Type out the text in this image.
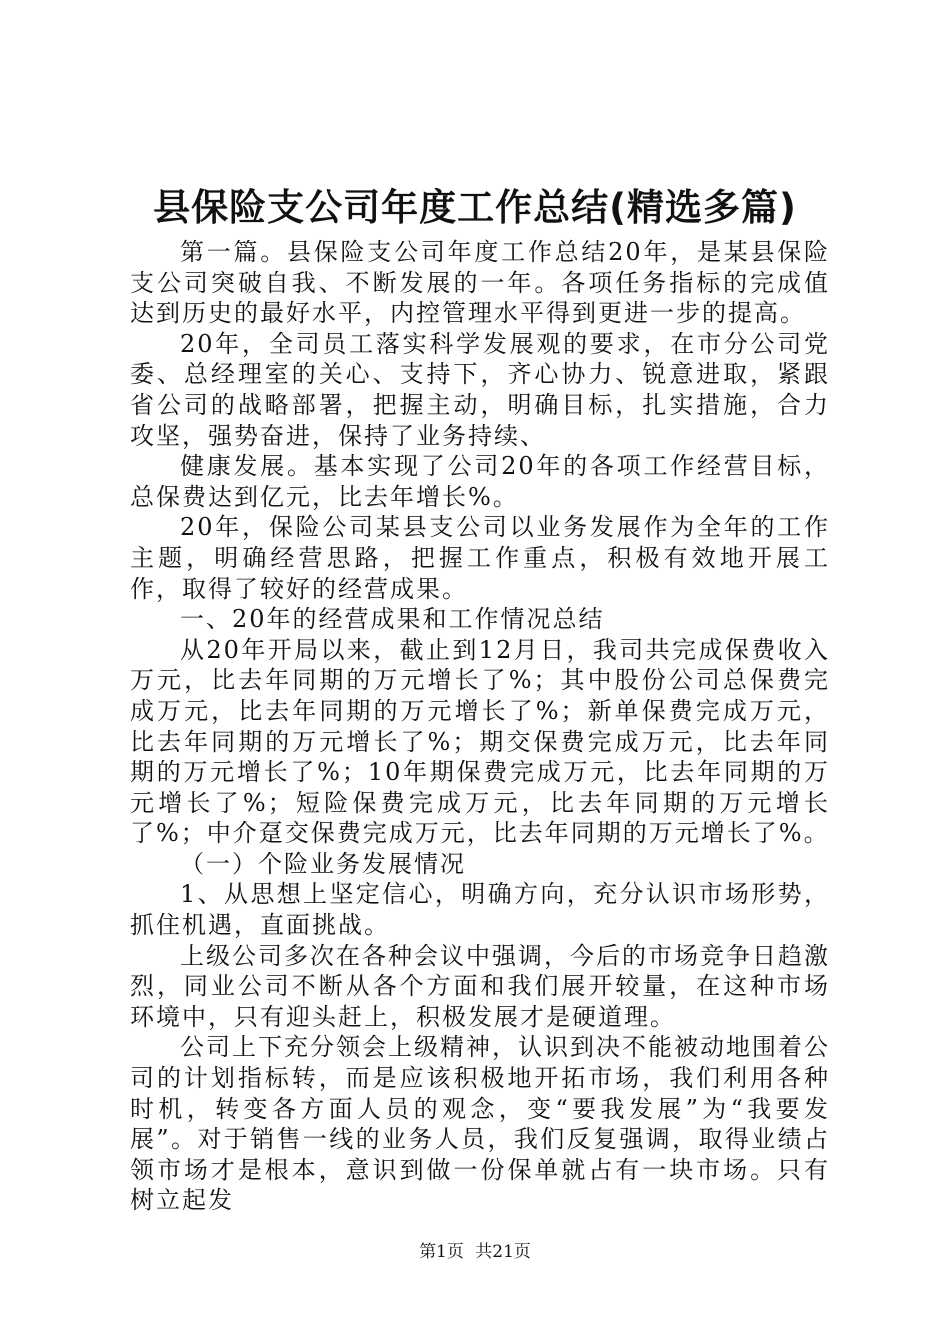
县保险支公司年度工作总结(精选多篇)

第一篇。县保险支公司年度工作总结20年，是某县保险支公司突破自我、不断发展的一年。各项任务指标的完成值达到历史的最好水平，内控管理水平得到更进一步的提高。

20年，全司员工落实科学发展观的要求，在市分公司党委、总经理室的关心、支持下，齐心协力、锐意进取，紧跟省公司的战略部署，把握主动，明确目标，扎实措施，合力攻坚，强势奋进，保持了业务持续、

健康发展。基本实现了公司20年的各项工作经营目标，总保费达到亿元，比去年增长%。

20年，保险公司某县支公司以业务发展作为全年的工作主题，明确经营思路，把握工作重点，积极有效地开展工作，取得了较好的经营成果。

一、20年的经营成果和工作情况总结

从20年开局以来，截止到12月日，我司共完成保费收入万元，比去年同期的万元增长了%；其中股份公司总保费完成万元，比去年同期的万元增长了%；新单保费完成万元，比去年同期的万元增长了%；期交保费完成万元，比去年同期的万元增长了%；10年期保费完成万元，比去年同期的万元增长了%；短险保费完成万元，比去年同期的万元增长了%；中介趸交保费完成万元，比去年同期的万元增长了%。

（一）个险业务发展情况

1、从思想上坚定信心，明确方向，充分认识市场形势，抓住机遇，直面挑战。

上级公司多次在各种会议中强调，今后的市场竞争日趋激烈，同业公司不断从各个方面和我们展开较量，在这种市场环境中，只有迎头赶上，积极发展才是硬道理。

公司上下充分领会上级精神，认识到决不能被动地围着公司的计划指标转，而是应该积极地开拓市场，我们利用各种时机，转变各方面人员的观念，变“要我发展”为“我要发展”。对于销售一线的业务人员，我们反复强调，取得业绩占领市场才是根本，意识到做一份保单就占有一块市场。只有树立起发

第1页 共21页
